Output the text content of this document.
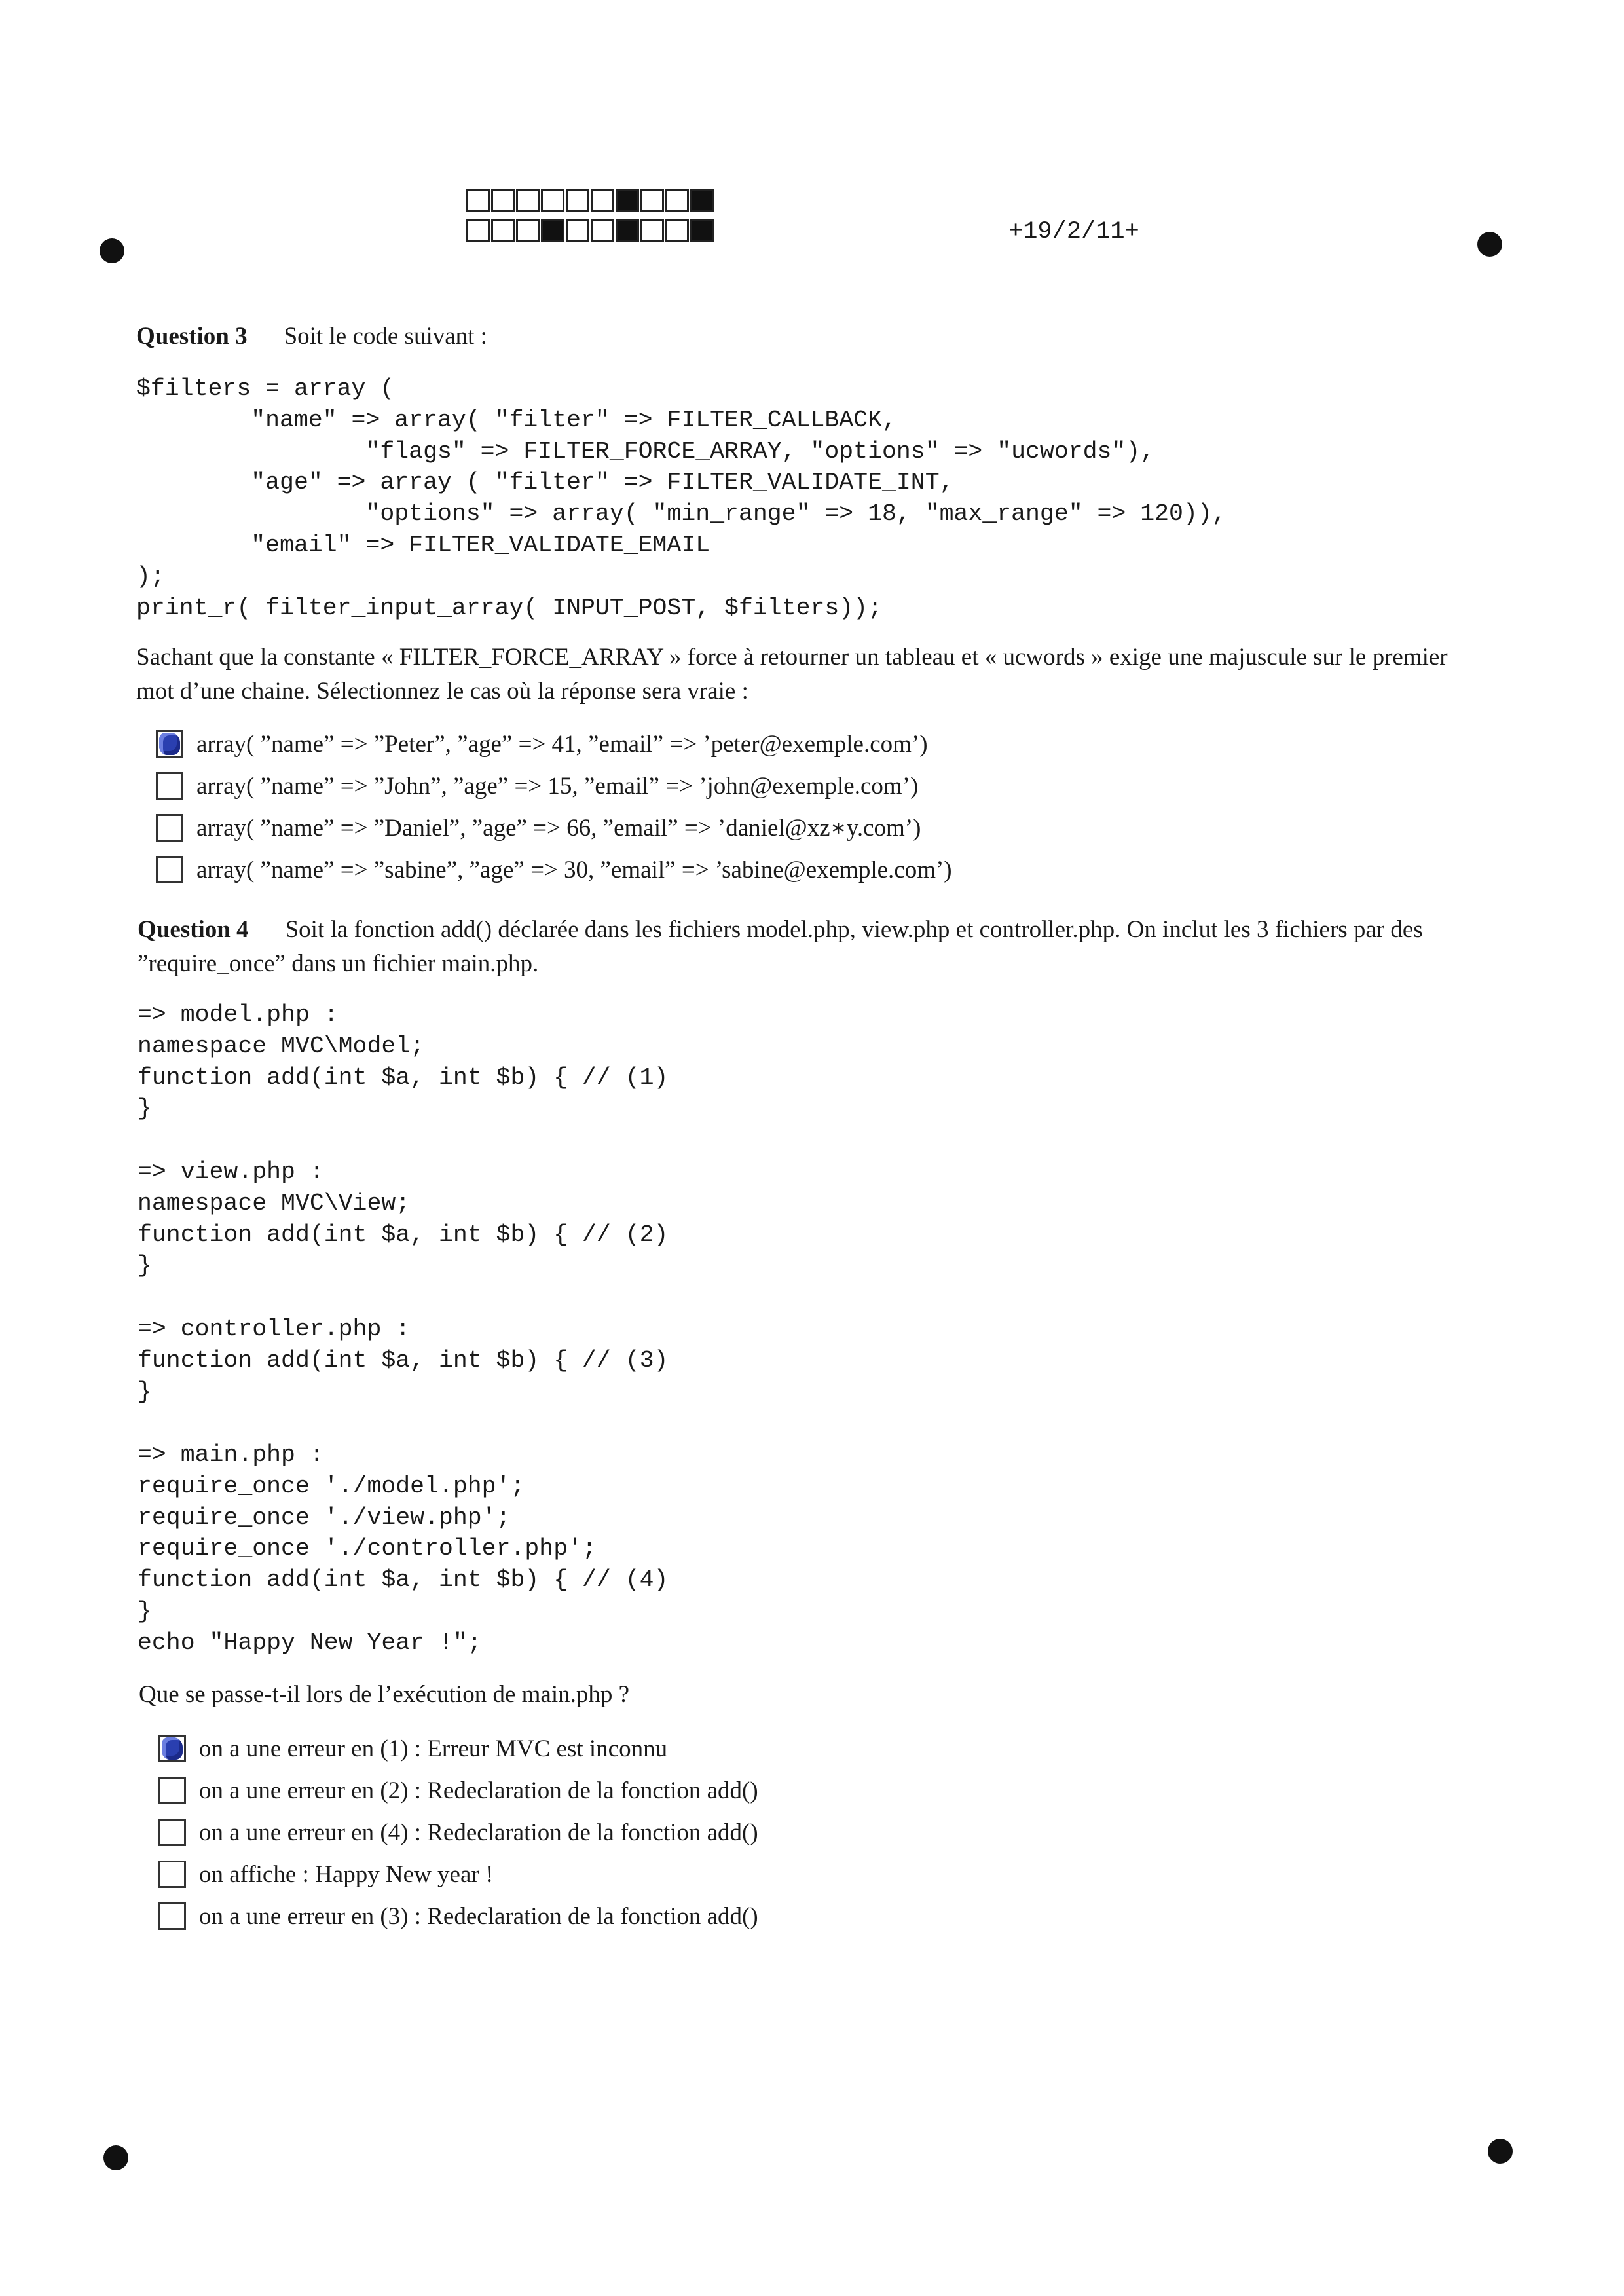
+19/2/11+
Question 3 Soit le code suivant :
$filters = array (
"name" => array( "filter" => FILTER_CALLBACK,
"flags" => FILTER_FORCE_ARRAY, "options" => "ucwords"),
"age" => array ( "filter" => FILTER_VALIDATE_INT,
"options" => array( "min_range" => 18, "max_range" => 120)),
"email" => FILTER_VALIDATE_EMAIL
);
print_r( filter_input_array( INPUT_POST, $filters));
Sachant que la constante « FILTER_FORCE_ARRAY » force à retourner un tableau et « ucwords » exige une majuscule sur le premier mot d’une chaine. Sélectionnez le cas où la réponse sera vraie :
array( ”name” => ”Peter”, ”age” => 41, ”email” => ’peter@exemple.com’)
array( ”name” => ”John”, ”age” => 15, ”email” => ’john@exemple.com’)
array( ”name” => ”Daniel”, ”age” => 66, ”email” => ’daniel@xz∗y.com’)
array( ”name” => ”sabine”, ”age” => 30, ”email” => ’sabine@exemple.com’)
Question 4 Soit la fonction add() déclarée dans les fichiers model.php, view.php et controller.php. On inclut les 3 fichiers par des ”require_once” dans un fichier main.php.
=> model.php :
namespace MVC\Model;
function add(int $a, int $b) { // (1)
}
=> view.php :
namespace MVC\View;
function add(int $a, int $b) { // (2)
}
=> controller.php :
function add(int $a, int $b) { // (3)
}
=> main.php :
require_once './model.php';
require_once './view.php';
require_once './controller.php';
function add(int $a, int $b) { // (4)
}
echo "Happy New Year !";
Que se passe-t-il lors de l’exécution de main.php ?
on a une erreur en (1) : Erreur MVC est inconnu
on a une erreur en (2) : Redeclaration de la fonction add()
on a une erreur en (4) : Redeclaration de la fonction add()
on affiche : Happy New year !
on a une erreur en (3) : Redeclaration de la fonction add()
